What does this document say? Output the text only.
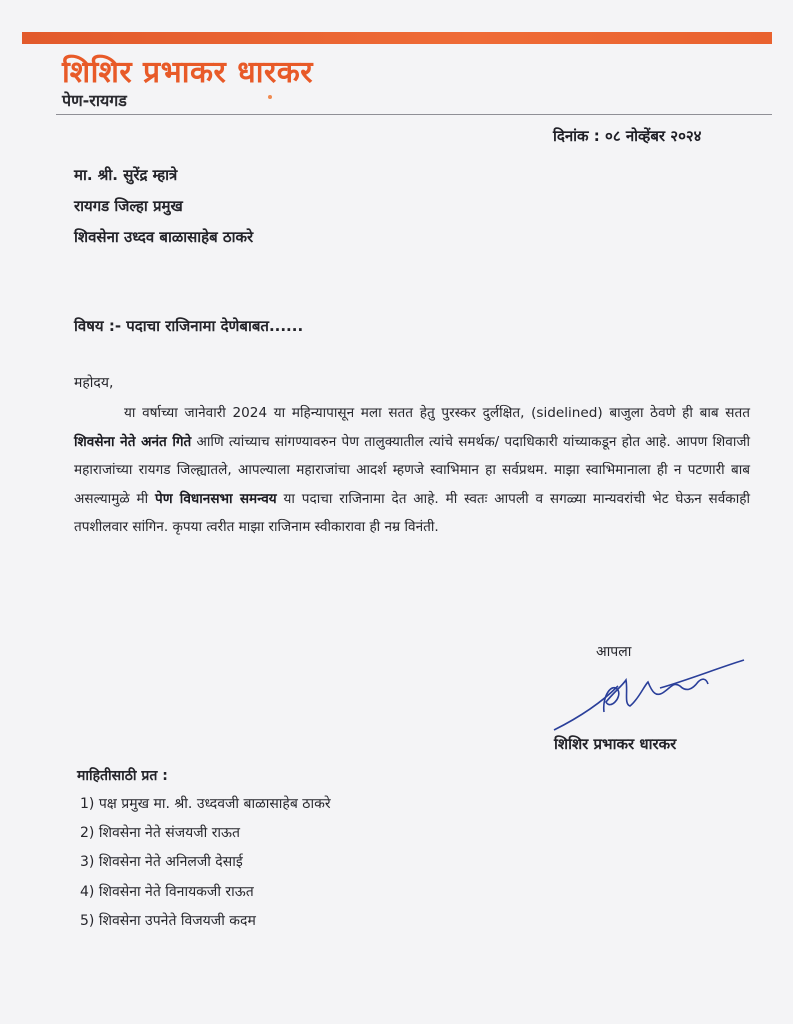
शिशिर प्रभाकर धारकर
पेण-रायगड
दिनांक : ०८ नोव्हेंबर २०२४
मा. श्री. सुरेंद्र म्हात्रे
रायगड जिल्हा प्रमुख
शिवसेना उध्दव बाळासाहेब ठाकरे
विषय :- पदाचा राजिनामा देणेबाबत......
महोदय,

या वर्षाच्या जानेवारी 2024 या महिन्यापासून मला सतत हेतु पुरस्कर दुर्लक्षित, (sidelined) बाजुला ठेवणे ही बाब सतत शिवसेना नेते अनंत गिते आणि त्यांच्याच सांगण्यावरुन पेण तालुक्यातील त्यांचे समर्थक/ पदाधिकारी यांच्याकडून होत आहे. आपण शिवाजी महाराजांच्या रायगड जिल्ह्यातले, आपल्याला महाराजांचा आदर्श म्हणजे स्वाभिमान हा सर्वप्रथम. माझा स्वाभिमानाला ही न पटणारी बाब असल्यामुळे मी पेण विधानसभा समन्वय या पदाचा राजिनामा देत आहे. मी स्वतः आपली व सगळ्या मान्यवरांची भेट घेऊन सर्वकाही तपशीलवार सांगिन. कृपया त्वरीत माझा राजिनाम स्वीकारावा ही नम्र विनंती.

आपला
शिशिर प्रभाकर धारकर
माहितीसाठी प्रत :
1) पक्ष प्रमुख मा. श्री. उध्दवजी बाळासाहेब ठाकरे
2) शिवसेना नेते संजयजी राऊत
3) शिवसेना नेते अनिलजी देसाई
4) शिवसेना नेते विनायकजी राऊत
5) शिवसेना उपनेते विजयजी कदम
